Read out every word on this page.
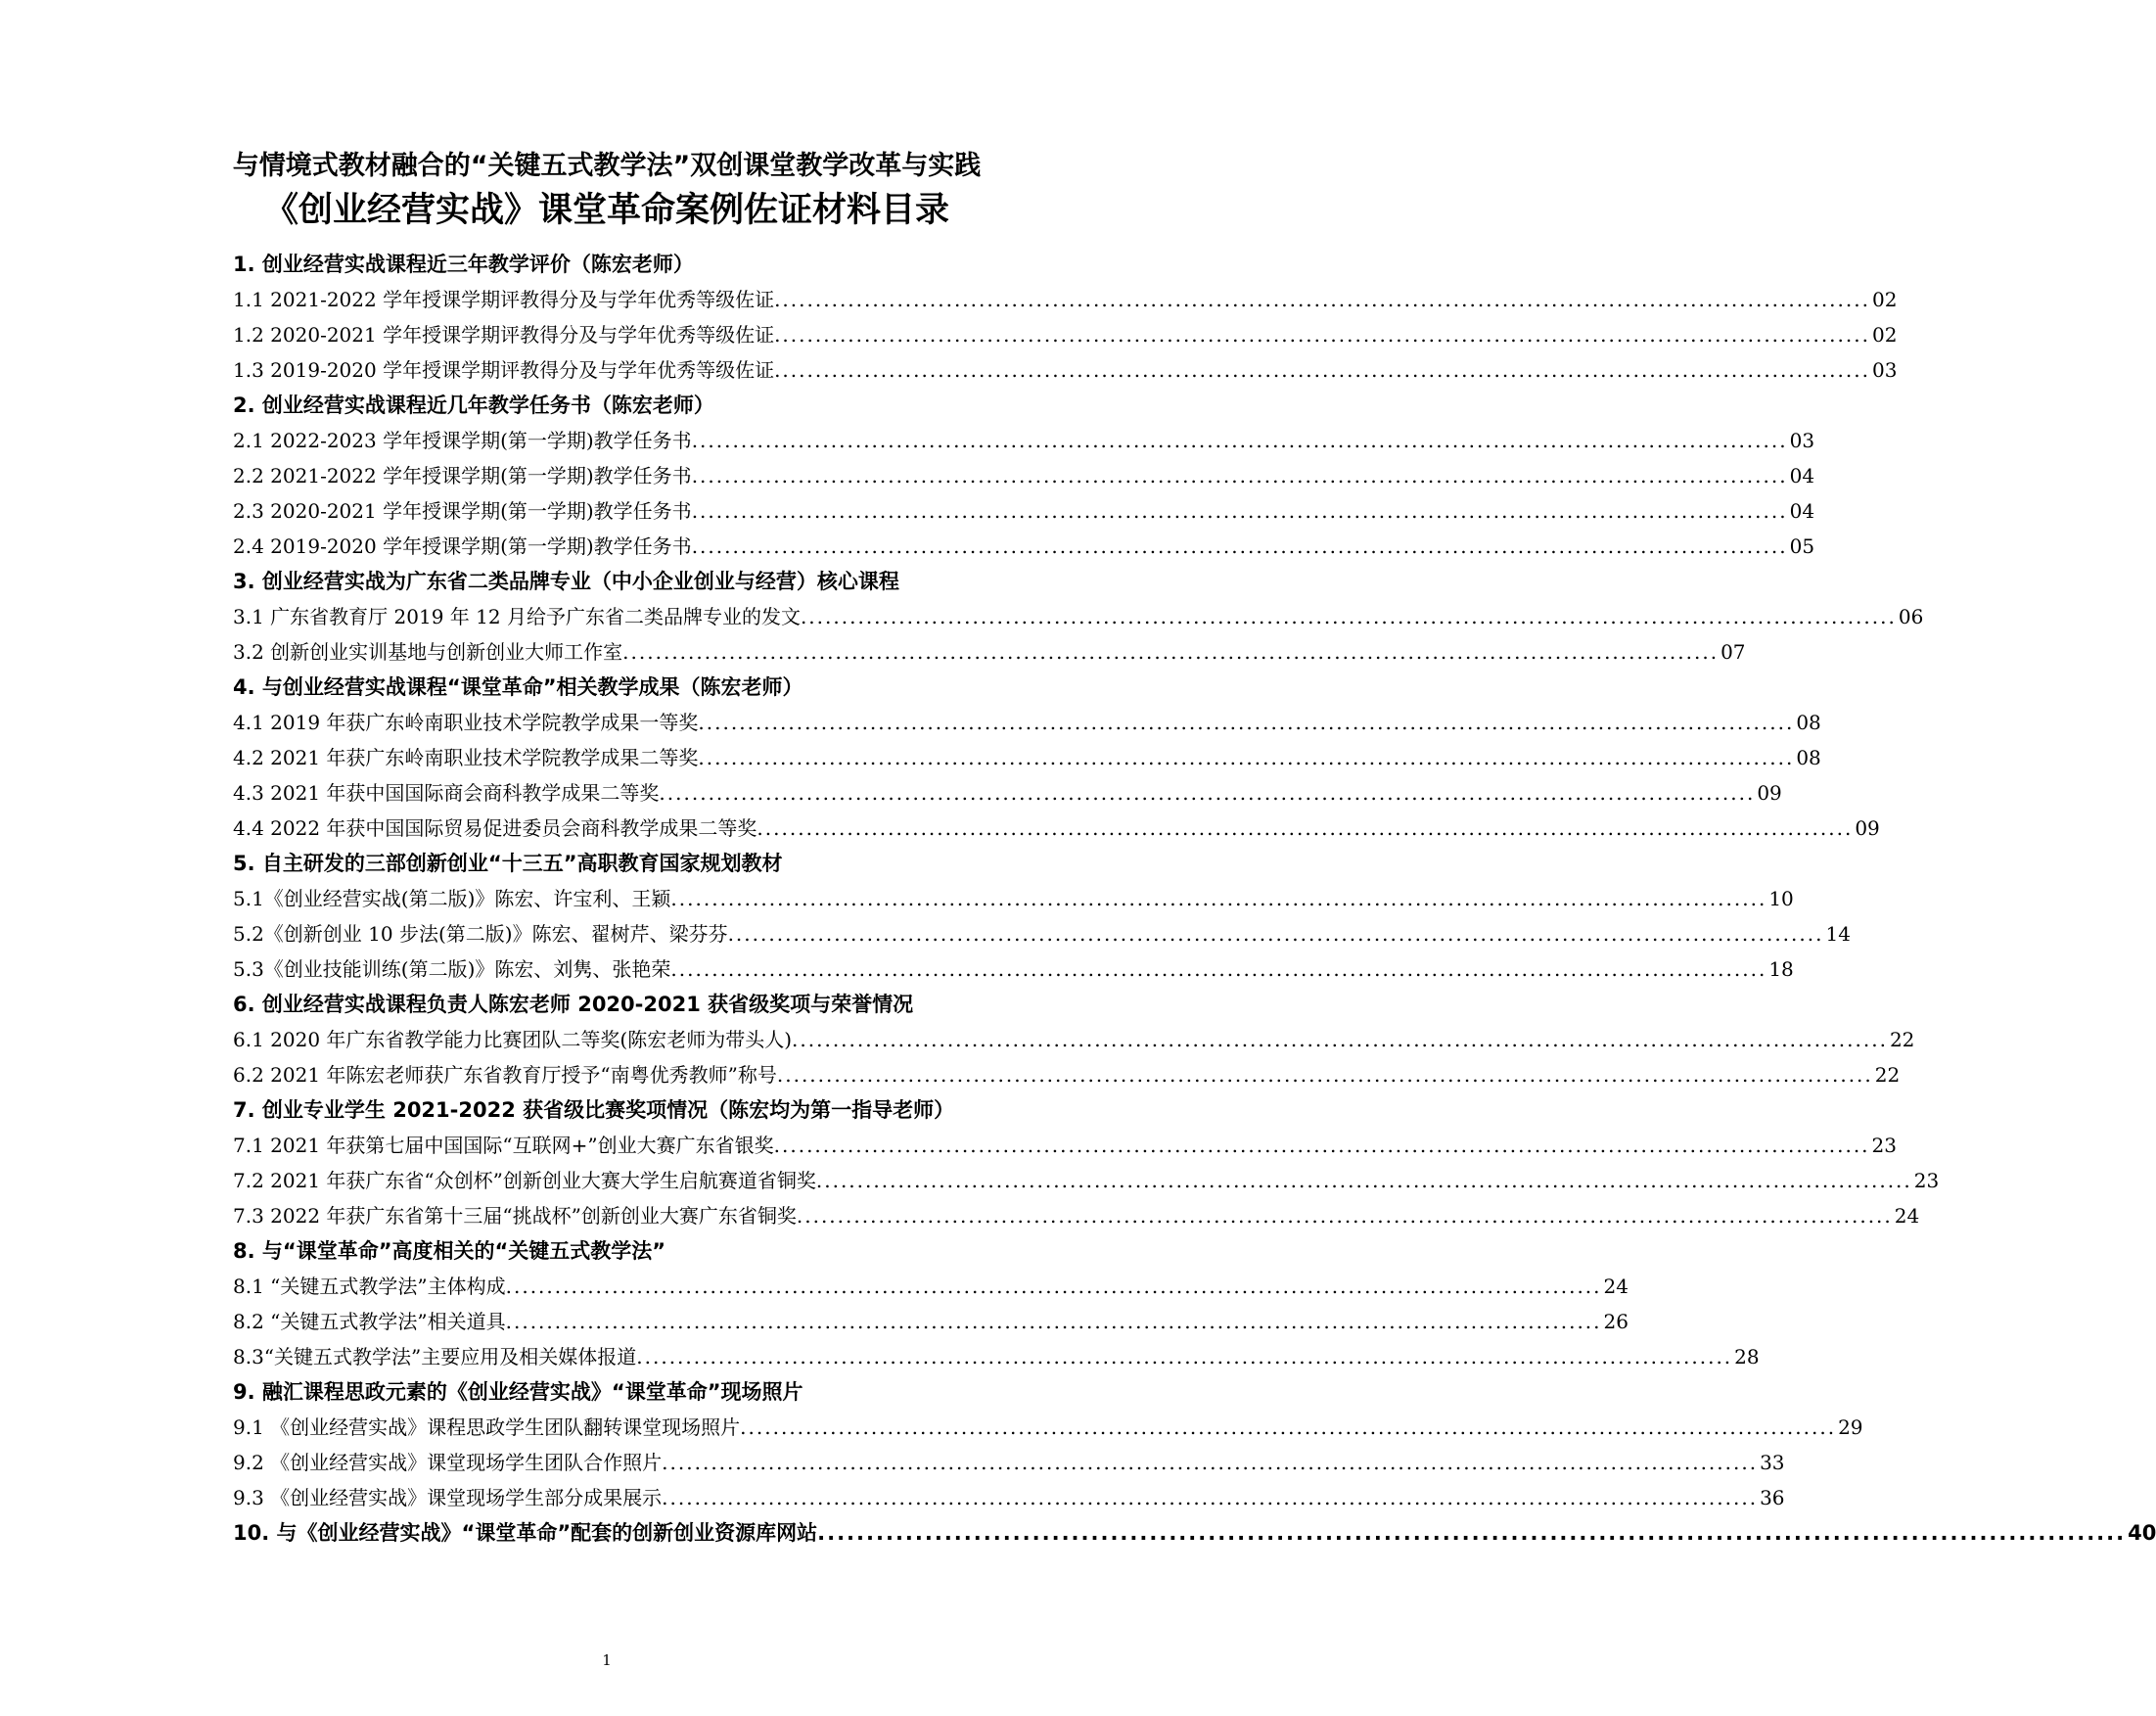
与情境式教材融合的“关键五式教学法”双创课堂教学改革与实践
《创业经营实战》课堂革命案例佐证材料目录
1. 创业经营实战课程近三年教学评价（陈宏老师）
1.1 2021-2022 学年授课学期评教得分及与学年优秀等级佐证 .....	02
1.2 2020-2021 学年授课学期评教得分及与学年优秀等级佐证 .....	02
1.3 2019-2020 学年授课学期评教得分及与学年优秀等级佐证 .....	03
2. 创业经营实战课程近几年教学任务书（陈宏老师）
2.1 2022-2023 学年授课学期(第一学期)教学任务书 .....	03
2.2 2021-2022 学年授课学期(第一学期)教学任务书 .....	04
2.3 2020-2021 学年授课学期(第一学期)教学任务书 .....	04
2.4 2019-2020 学年授课学期(第一学期)教学任务书 .....	05
3. 创业经营实战为广东省二类品牌专业（中小企业创业与经营）核心课程
3.1 广东省教育厅 2019 年 12 月给予广东省二类品牌专业的发文 .....	06
3.2 创新创业实训基地与创新创业大师工作室 .....	07
4. 与创业经营实战课程“课堂革命”相关教学成果（陈宏老师）
4.1 2019 年获广东岭南职业技术学院教学成果一等奖 .....	08
4.2 2021 年获广东岭南职业技术学院教学成果二等奖 .....	08
4.3 2021 年获中国国际商会商科教学成果二等奖 .....	09
4.4 2022 年获中国国际贸易促进委员会商科教学成果二等奖 .....	09
5. 自主研发的三部创新创业“十三五”高职教育国家规划教材
5.1《创业经营实战(第二版)》陈宏、许宝利、王颖 .....	10
5.2《创新创业 10 步法(第二版)》陈宏、翟树芹、梁芬芬 .....	14
5.3《创业技能训练(第二版)》陈宏、刘隽、张艳荣 .....	18
6. 创业经营实战课程负责人陈宏老师 2020-2021 获省级奖项与荣誉情况
6.1 2020 年广东省教学能力比赛团队二等奖(陈宏老师为带头人) .....	22
6.2 2021 年陈宏老师获广东省教育厅授予“南粤优秀教师”称号 .....	22
7. 创业专业学生 2021-2022 获省级比赛奖项情况（陈宏均为第一指导老师）
7.1 2021 年获第七届中国国际“互联网+”创业大赛广东省银奖 .....	23
7.2 2021 年获广东省“众创杯”创新创业大赛大学生启航赛道省铜奖 .....	23
7.3 2022 年获广东省第十三届“挑战杯”创新创业大赛广东省铜奖 .....	24
8. 与“课堂革命”高度相关的“关键五式教学法”
8.1 “关键五式教学法”主体构成 .....	24
8.2 “关键五式教学法”相关道具 .....	26
8.3“关键五式教学法”主要应用及相关媒体报道 .....	28
9. 融汇课程思政元素的《创业经营实战》“课堂革命”现场照片
9.1 《创业经营实战》课程思政学生团队翻转课堂现场照片 .....	29
9.2 《创业经营实战》课堂现场学生团队合作照片 .....	33
9.3 《创业经营实战》课堂现场学生部分成果展示 .....	36
10. 与《创业经营实战》“课堂革命”配套的创新创业资源库网站 .....	40
1
